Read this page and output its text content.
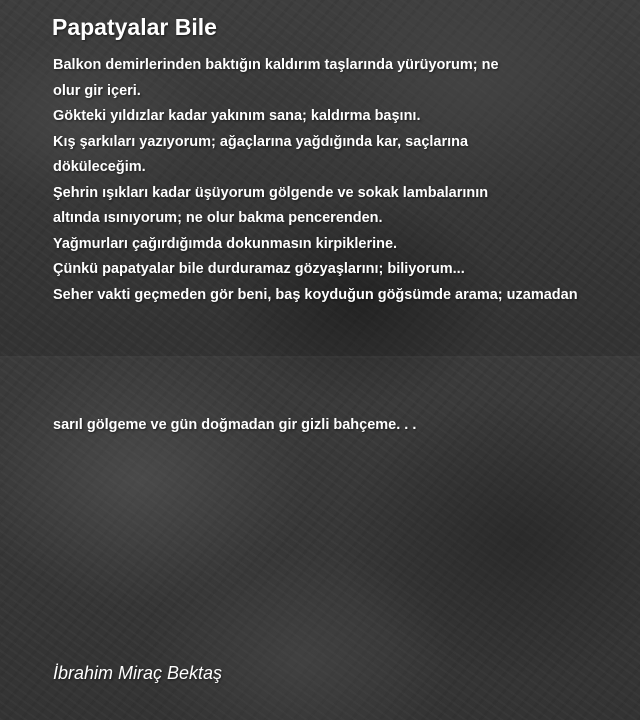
Papatyalar Bile
Balkon demirlerinden baktığın kaldırım taşlarında yürüyorum; ne
olur gir içeri.
Gökteki yıldızlar kadar yakınım sana; kaldırma başını.
Kış şarkıları yazıyorum; ağaçlarına yağdığında kar, saçlarına
döküleceğim.
Şehrin ışıkları kadar üşüyorum gölgende ve sokak lambalarının
altında ısınıyorum; ne olur bakma pencerenden.
Yağmurları çağırdığımda dokunmasın kirpiklerine.
Çünkü papatyalar bile durduramaz gözyaşlarını; biliyorum...
Seher vakti geçmeden gör beni, baş koyduğun göğsümde arama; uzamadan

sarıl gölgeme ve gün doğmadan gir gizli bahçeme. . .

İbrahim Miraç Bektaş
